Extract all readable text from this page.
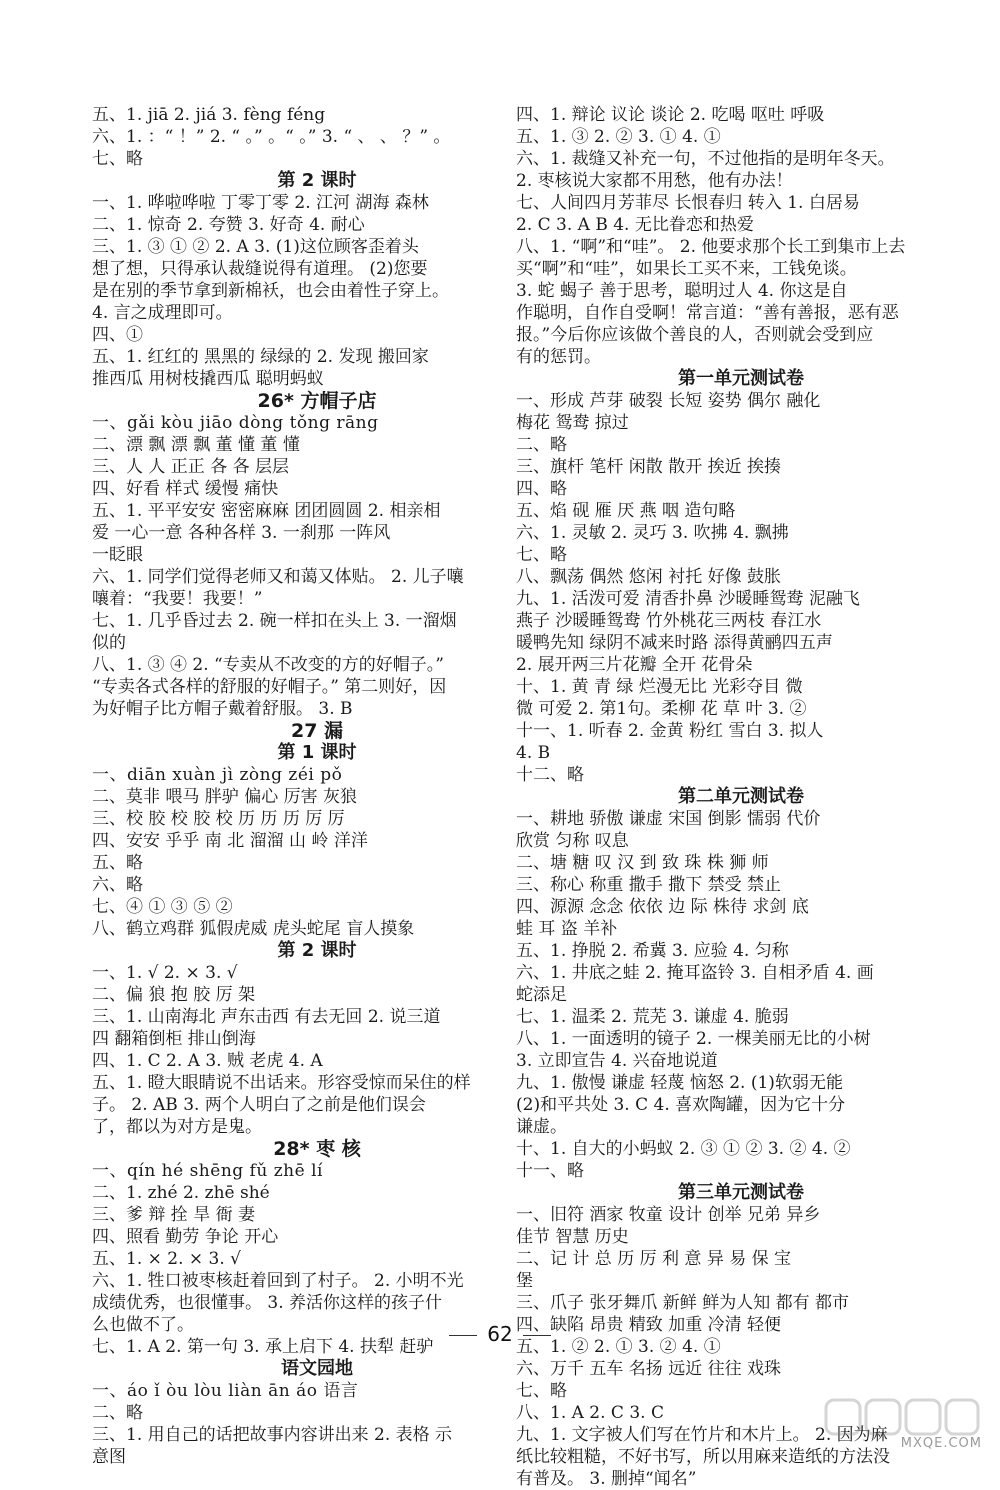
五、1. jiā 2. jiá 3. fèng féng
六、1. ：“ ！” 2. “ 。” 。“ 。” 3. “ 、 、 ？” 。
七、略
第 2 课时
一、1. 哗啦哗啦 丁零丁零 2. 江河 湖海 森林
二、1. 惊奇 2. 夸赞 3. 好奇 4. 耐心
三、1. ③ ① ② 2. A 3. (1)这位顾客歪着头
想了想，只得承认裁缝说得有道理。 (2)您要
是在别的季节拿到新棉袄，也会由着性子穿上。
4. 言之成理即可。
四、①
五、1. 红红的 黑黑的 绿绿的 2. 发现 搬回家
推西瓜 用树枝撬西瓜 聪明蚂蚁
26* 方帽子店
一、gǎi kòu jiāo dòng tǒng rāng
二、漂 飘 漂 飘 董 懂 董 懂
三、人 人 正正 各 各 层层
四、好看 样式 缓慢 痛快
五、1. 平平安安 密密麻麻 团团圆圆 2. 相亲相
爱 一心一意 各种各样 3. 一刹那 一阵风
一眨眼
六、1. 同学们觉得老师又和蔼又体贴。 2. 儿子嚷
嚷着：“我要！我要！”
七、1. 几乎昏过去 2. 碗一样扣在头上 3. 一溜烟
似的
八、1. ③ ④ 2. “专卖从不改变的方的好帽子。”
“专卖各式各样的舒服的好帽子。” 第二则好，因
为好帽子比方帽子戴着舒服。 3. B
27 漏
第 1 课时
一、diān xuàn jì zòng zéi pǒ
二、莫非 喂马 胖驴 偏心 厉害 灰狼
三、校 胶 校 胶 校 历 历 历 厉 厉
四、安安 乎乎 南 北 溜溜 山 岭 洋洋
五、略
六、略
七、④ ① ③ ⑤ ②
八、鹤立鸡群 狐假虎威 虎头蛇尾 盲人摸象
第 2 课时
一、1. √ 2. × 3. √
二、偏 狼 抱 胶 厉 架
三、1. 山南海北 声东击西 有去无回 2. 说三道
四 翻箱倒柜 排山倒海
四、1. C 2. A 3. 贼 老虎 4. A
五、1. 瞪大眼睛说不出话来。形容受惊而呆住的样
子。 2. AB 3. 两个人明白了之前是他们误会
了，都以为对方是鬼。
28* 枣 核
一、qín hé shēng fǔ zhē lí
二、1. zhé 2. zhē shé
三、爹 辩 拴 旱 衙 妻
四、照看 勤劳 争论 开心
五、1. × 2. × 3. √
六、1. 牲口被枣核赶着回到了村子。 2. 小明不光
成绩优秀，也很懂事。 3. 养活你这样的孩子什
么也做不了。
七、1. A 2. 第一句 3. 承上启下 4. 扶犁 赶驴
语文园地
一、áo ǐ òu lòu liàn ān áo 语言
二、略
三、1. 用自己的话把故事内容讲出来 2. 表格 示
意图
四、1. 辩论 议论 谈论 2. 吃喝 呕吐 呼吸
五、1. ③ 2. ② 3. ① 4. ①
六、1. 裁缝又补充一句，不过他指的是明年冬天。
2. 枣核说大家都不用愁，他有办法！
七、人间四月芳菲尽 长恨春归 转入 1. 白居易
2. C 3. A B 4. 无比眷恋和热爱
八、1. “啊”和“哇”。 2. 他要求那个长工到集市上去
买“啊”和“哇”，如果长工买不来，工钱免谈。
3. 蛇 蝎子 善于思考，聪明过人 4. 你这是自
作聪明，自作自受啊！常言道：“善有善报，恶有恶
报。”今后你应该做个善良的人，否则就会受到应
有的惩罚。
第一单元测试卷
一、形成 芦芽 破裂 长短 姿势 偶尔 融化
梅花 鸳鸯 掠过
二、略
三、旗杆 笔杆 闲散 散开 挨近 挨揍
四、略
五、焰 砚 雁 厌 燕 咽 造句略
六、1. 灵敏 2. 灵巧 3. 吹拂 4. 飘拂
七、略
八、飘荡 偶然 悠闲 衬托 好像 鼓胀
九、1. 活泼可爱 清香扑鼻 沙暖睡鸳鸯 泥融飞
燕子 沙暖睡鸳鸯 竹外桃花三两枝 春江水
暖鸭先知 绿阴不减来时路 添得黄鹂四五声
2. 展开两三片花瓣 全开 花骨朵
十、1. 黄 青 绿 烂漫无比 光彩夺目 微
微 可爱 2. 第1句。柔柳 花 草 叶 3. ②
十一、1. 听春 2. 金黄 粉红 雪白 3. 拟人
4. B
十二、略
第二单元测试卷
一、耕地 骄傲 谦虚 宋国 倒影 懦弱 代价
欣赏 匀称 叹息
二、塘 糖 叹 汉 到 致 珠 株 狮 师
三、称心 称重 撒手 撒下 禁受 禁止
四、源源 念念 依依 边 际 株待 求剑 底
蛙 耳 盗 羊补
五、1. 挣脱 2. 希冀 3. 应验 4. 匀称
六、1. 井底之蛙 2. 掩耳盗铃 3. 自相矛盾 4. 画
蛇添足
七、1. 温柔 2. 荒芜 3. 谦虚 4. 脆弱
八、1. 一面透明的镜子 2. 一棵美丽无比的小树
3. 立即宣告 4. 兴奋地说道
九、1. 傲慢 谦虚 轻蔑 恼怒 2. (1)软弱无能
(2)和平共处 3. C 4. 喜欢陶罐，因为它十分
谦虚。
十、1. 自大的小蚂蚁 2. ③ ① ② 3. ② 4. ②
十一、略
第三单元测试卷
一、旧符 酒家 牧童 设计 创举 兄弟 异乡
佳节 智慧 历史
二、记 计 总 历 厉 利 意 异 易 保 宝
堡
三、爪子 张牙舞爪 新鲜 鲜为人知 都有 都市
四、缺陷 昂贵 精致 加重 冷清 轻便
五、1. ② 2. ① 3. ② 4. ①
六、万千 五车 名扬 远近 往往 戏珠
七、略
八、1. A 2. C 3. C
九、1. 文字被人们写在竹片和木片上。 2. 因为麻
纸比较粗糙，不好书写，所以用麻来造纸的方法没
有普及。 3. 删掉“闻名”
62
MXQE.COM
